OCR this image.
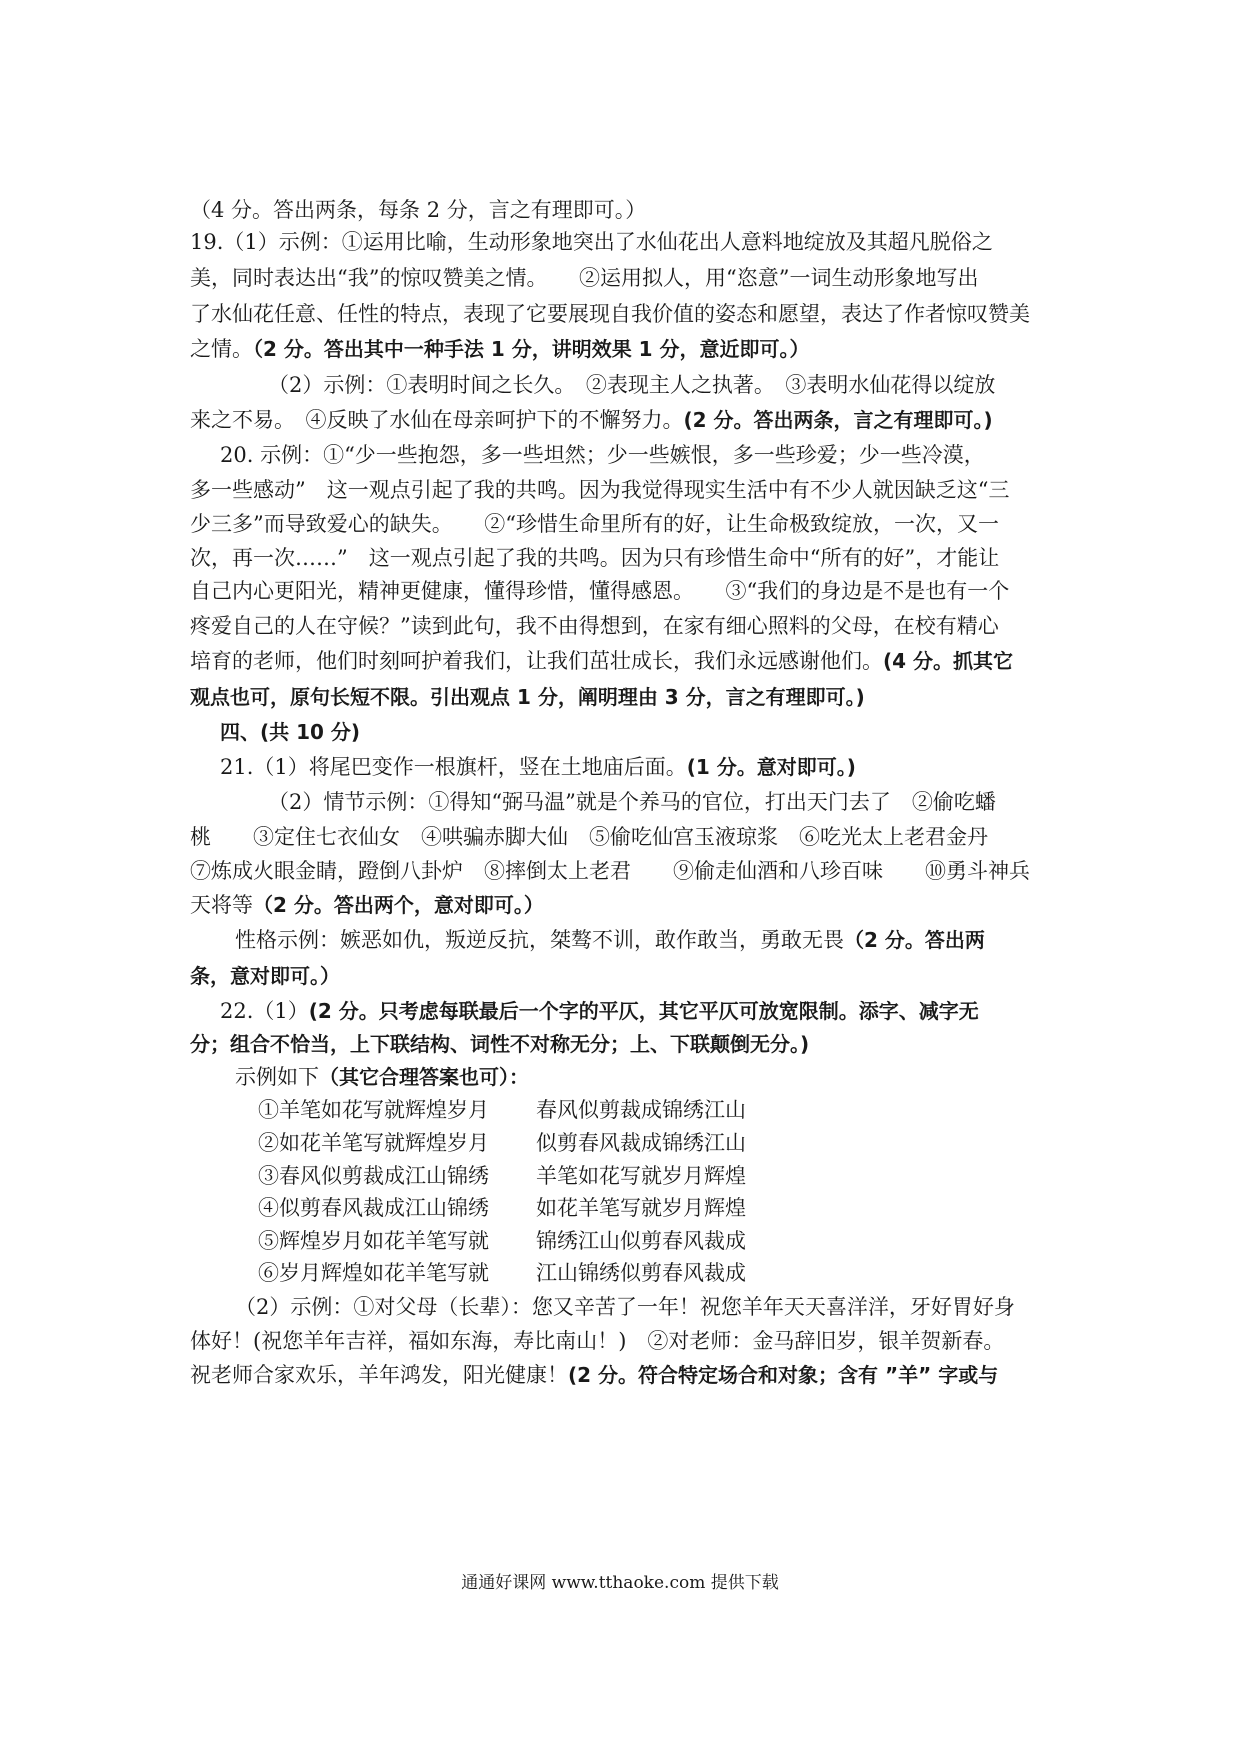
（4 分。答出两条，每条 2 分，言之有理即可。）
19.（1）示例：①运用比喻，生动形象地突出了水仙花出人意料地绽放及其超凡脱俗之
美，同时表达出“我”的惊叹赞美之情。　　②运用拟人，用“恣意”一词生动形象地写出
了水仙花任意、任性的特点，表现了它要展现自我价值的姿态和愿望，表达了作者惊叹赞美
之情。（2 分。答出其中一种手法 1 分，讲明效果 1 分，意近即可。）
（2）示例：①表明时间之长久。　②表现主人之执著。　③表明水仙花得以绽放
来之不易。　④反映了水仙在母亲呵护下的不懈努力。(2 分。答出两条，言之有理即可。)
20. 示例：①“少一些抱怨，多一些坦然；少一些嫉恨，多一些珍爱；少一些冷漠，
多一些感动”　这一观点引起了我的共鸣。因为我觉得现实生活中有不少人就因缺乏这“三
少三多”而导致爱心的缺失。　　②“珍惜生命里所有的好，让生命极致绽放，一次，又一
次，再一次……”　这一观点引起了我的共鸣。因为只有珍惜生命中“所有的好”，才能让
自己内心更阳光，精神更健康，懂得珍惜，懂得感恩。　　③“我们的身边是不是也有一个
疼爱自己的人在守候？”读到此句，我不由得想到，在家有细心照料的父母，在校有精心
培育的老师，他们时刻呵护着我们，让我们茁壮成长，我们永远感谢他们。(4 分。抓其它
观点也可，原句长短不限。引出观点 1 分，阐明理由 3 分，言之有理即可。)
四、(共 10 分)
21.（1）将尾巴变作一根旗杆，竖在土地庙后面。(1 分。意对即可。)
（2）情节示例：①得知“弼马温”就是个养马的官位，打出天门去了　②偷吃蟠
桃　　③定住七衣仙女　④哄骗赤脚大仙　⑤偷吃仙宫玉液琼浆　⑥吃光太上老君金丹
⑦炼成火眼金睛，蹬倒八卦炉　⑧摔倒太上老君　　⑨偷走仙酒和八珍百味　　⑩勇斗神兵
天将等（2 分。答出两个，意对即可。）
性格示例：嫉恶如仇，叛逆反抗，桀骜不训，敢作敢当，勇敢无畏（2 分。答出两
条，意对即可。）
22.（1）(2 分。只考虑每联最后一个字的平仄，其它平仄可放宽限制。添字、减字无
分；组合不恰当，上下联结构、词性不对称无分；上、下联颠倒无分。)
示例如下（其它合理答案也可）：
①羊笔如花写就辉煌岁月 春风似剪裁成锦绣江山
②如花羊笔写就辉煌岁月 似剪春风裁成锦绣江山
③春风似剪裁成江山锦绣 羊笔如花写就岁月辉煌
④似剪春风裁成江山锦绣 如花羊笔写就岁月辉煌
⑤辉煌岁月如花羊笔写就 锦绣江山似剪春风裁成
⑥岁月辉煌如花羊笔写就 江山锦绣似剪春风裁成
（2）示例：①对父母（长辈）：您又辛苦了一年！祝您羊年天天喜洋洋，牙好胃好身
体好！(祝您羊年吉祥，福如东海，寿比南山！)　②对老师：金马辞旧岁，银羊贺新春。
祝老师合家欢乐，羊年鸿发，阳光健康！(2 分。符合特定场合和对象；含有 ”羊” 字或与
通通好课网 www.tthaoke.com 提供下载
